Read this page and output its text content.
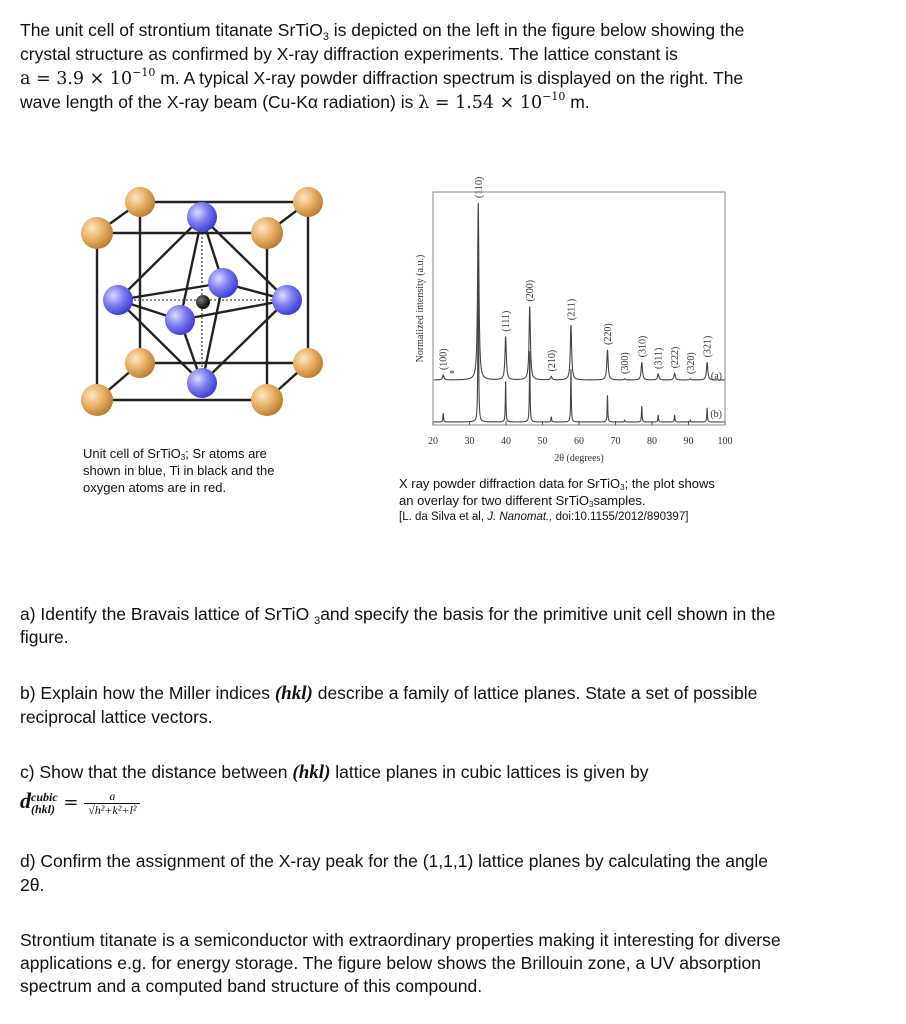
The unit cell of strontium titanate SrTiO$_3$ is depicted on the left in the figure below showing the
crystal structure as confirmed by X-ray diffraction experiments. The lattice constant is
$a = 3.9 \times 10^{-10}$ m. A typical X-ray powder diffraction spectrum is displayed on the right. The
wave length of the X-ray beam (Cu-Kα radiation) is $\lambda = 1.54 \times 10^{-10}$ m.
20	30	40	50	60	70	80	90 100
2θ (degrees)
Normalized intensity (a.u.) (100)
(110)
(111)
(200)
(210)
(211)
(220)
(300)
(310)
(311) (222) (320)
(321)
*	(a)
(b)
Unit cell of SrTiO$_3$; Sr atoms are
shown in blue, Ti in black and the
oxygen atoms are in red.	X ray powder diffraction data for SrTiO$_3$; the plot shows
an overlay for two different SrTiO$_3$samples.
[L. da Silva et al, J. Nanomat., doi:10.1155/2012/890397]
a) Identify the Bravais lattice of SrTiO $_3$and specify the basis for the primitive unit cell shown in the
figure.
b) Explain how the Miller indices (hkl) describe a family of lattice planes. State a set of possible
reciprocal lattice vectors.
c) Show that the distance between (hkl) lattice planes in cubic lattices is given by
d cubic
$(hkl) = \frac{a}{\text{√h²+k²+l²}}$
d) Confirm the assignment of the X-ray peak for the (1,1,1) lattice planes by calculating the angle
2θ.
Strontium titanate is a semiconductor with extraordinary properties making it interesting for diverse
applications e.g. for energy storage. The figure below shows the Brillouin zone, a UV absorption
spectrum and a computed band structure of this compound.
